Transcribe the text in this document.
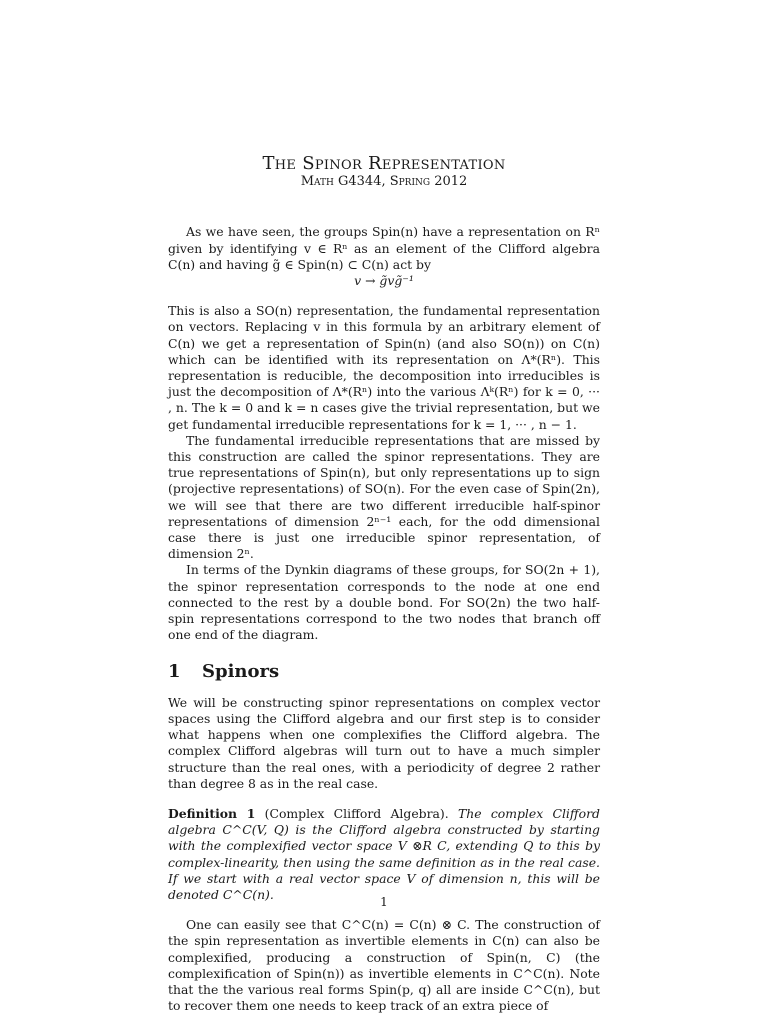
The Spinor Representation
Math G4344, Spring 2012

As we have seen, the groups Spin(n) have a representation on Rⁿ given by identifying v ∈ Rⁿ as an element of the Clifford algebra C(n) and having g̃ ∈ Spin(n) ⊂ C(n) act by

v → g̃vg̃⁻¹

This is also a SO(n) representation, the fundamental representation on vectors. Replacing v in this formula by an arbitrary element of C(n) we get a representation of Spin(n) (and also SO(n)) on C(n) which can be identified with its representation on Λ*(Rⁿ). This representation is reducible, the decomposition into irreducibles is just the decomposition of Λ*(Rⁿ) into the various Λᵏ(Rⁿ) for k = 0, ··· , n. The k = 0 and k = n cases give the trivial representation, but we get fundamental irreducible representations for k = 1, ··· , n − 1.

The fundamental irreducible representations that are missed by this construction are called the spinor representations. They are true representations of Spin(n), but only representations up to sign (projective representations) of SO(n). For the even case of Spin(2n), we will see that there are two different irreducible half-spinor representations of dimension 2ⁿ⁻¹ each, for the odd dimensional case there is just one irreducible spinor representation, of dimension 2ⁿ.

In terms of the Dynkin diagrams of these groups, for SO(2n + 1), the spinor representation corresponds to the node at one end connected to the rest by a double bond. For SO(2n) the two half-spin representations correspond to the two nodes that branch off one end of the diagram.

1 Spinors

We will be constructing spinor representations on complex vector spaces using the Clifford algebra and our first step is to consider what happens when one complexifies the Clifford algebra. The complex Clifford algebras will turn out to have a much simpler structure than the real ones, with a periodicity of degree 2 rather than degree 8 as in the real case.

Definition 1 (Complex Clifford Algebra). The complex Clifford algebra C^C(V, Q) is the Clifford algebra constructed by starting with the complexified vector space V ⊗R C, extending Q to this by complex-linearity, then using the same definition as in the real case. If we start with a real vector space V of dimension n, this will be denoted C^C(n).

One can easily see that C^C(n) = C(n) ⊗ C. The construction of the spin representation as invertible elements in C(n) can also be complexified, producing a construction of Spin(n, C) (the complexification of Spin(n)) as invertible elements in C^C(n). Note that the the various real forms Spin(p, q) all are inside C^C(n), but to recover them one needs to keep track of an extra piece of

1
